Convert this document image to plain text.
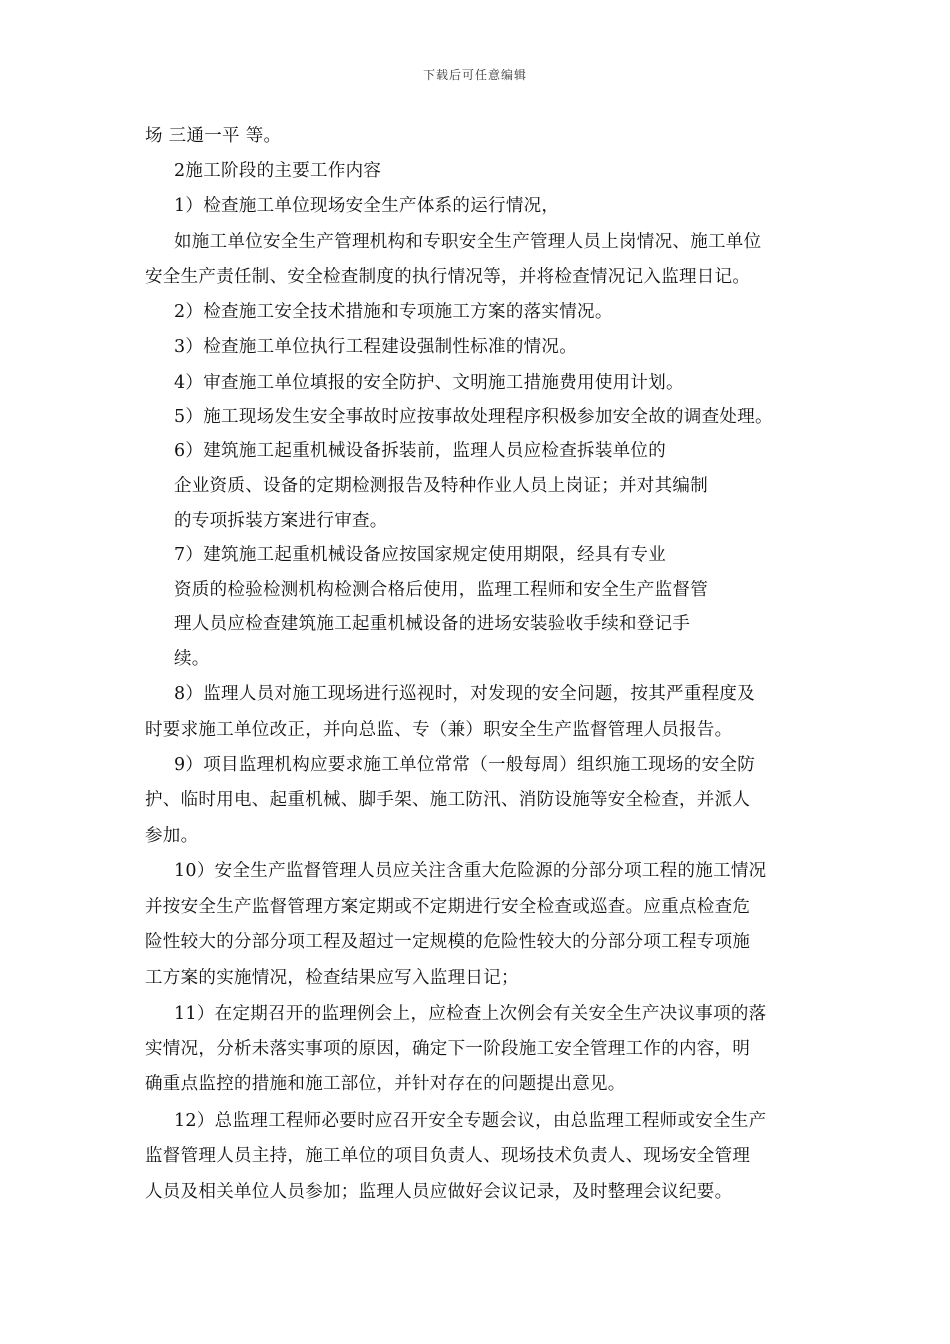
下载后可任意编辑
场 三通一平 等。
2施工阶段的主要工作内容
1）检查施工单位现场安全生产体系的运行情况，
如施工单位安全生产管理机构和专职安全生产管理人员上岗情况、施工单位
安全生产责任制、安全检查制度的执行情况等，并将检查情况记入监理日记。
2）检查施工安全技术措施和专项施工方案的落实情况。
3）检查施工单位执行工程建设强制性标准的情况。
4）审查施工单位填报的安全防护、文明施工措施费用使用计划。
5）施工现场发生安全事故时应按事故处理程序积极参加安全故的调查处理。
6）建筑施工起重机械设备拆装前，监理人员应检查拆装单位的
企业资质、设备的定期检测报告及特种作业人员上岗证；并对其编制
的专项拆装方案进行审查。
7）建筑施工起重机械设备应按国家规定使用期限，经具有专业
资质的检验检测机构检测合格后使用，监理工程师和安全生产监督管
理人员应检查建筑施工起重机械设备的进场安装验收手续和登记手
续。
8）监理人员对施工现场进行巡视时，对发现的安全问题，按其严重程度及
时要求施工单位改正，并向总监、专（兼）职安全生产监督管理人员报告。
9）项目监理机构应要求施工单位常常（一般每周）组织施工现场的安全防
护、临时用电、起重机械、脚手架、施工防汛、消防设施等安全检查，并派人
参加。
10）安全生产监督管理人员应关注含重大危险源的分部分项工程的施工情况
并按安全生产监督管理方案定期或不定期进行安全检查或巡查。应重点检查危
险性较大的分部分项工程及超过一定规模的危险性较大的分部分项工程专项施
工方案的实施情况，检查结果应写入监理日记；
11）在定期召开的监理例会上，应检查上次例会有关安全生产决议事项的落
实情况，分析未落实事项的原因，确定下一阶段施工安全管理工作的内容，明
确重点监控的措施和施工部位，并针对存在的问题提出意见。
12）总监理工程师必要时应召开安全专题会议，由总监理工程师或安全生产
监督管理人员主持，施工单位的项目负责人、现场技术负责人、现场安全管理
人员及相关单位人员参加；监理人员应做好会议记录，及时整理会议纪要。
